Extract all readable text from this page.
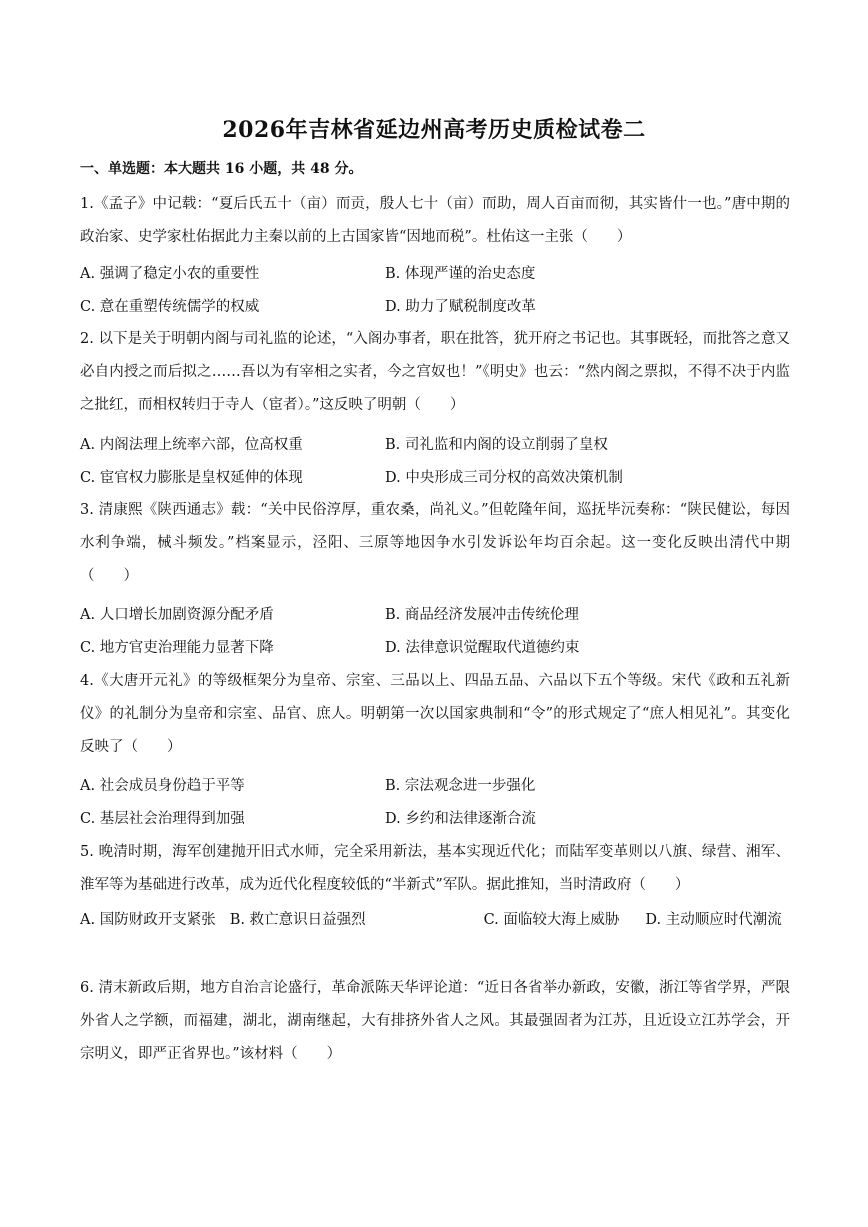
2026年吉林省延边州高考历史质检试卷二
一、单选题：本大题共 16 小题，共 48 分。
1.《孟子》中记载：“夏后氏五十（亩）而贡，殷人七十（亩）而助，周人百亩而彻，其实皆什一也。”唐中期的政治家、史学家杜佑据此力主秦以前的上古国家皆“因地而税”。杜佑这一主张（　　）
A. 强调了稳定小农的重要性	B. 体现严谨的治史态度
C. 意在重塑传统儒学的权威	D. 助力了赋税制度改革
2. 以下是关于明朝内阁与司礼监的论述，“入阁办事者，职在批答，犹开府之书记也。其事既轻，而批答之意又必自内授之而后拟之……吾以为有宰相之实者，今之宫奴也！”《明史》也云：“然内阁之票拟，不得不决于内监之批红，而相权转归于寺人（宦者）。”这反映了明朝（　　）
A. 内阁法理上统率六部，位高权重	B. 司礼监和内阁的设立削弱了皇权
C. 宦官权力膨胀是皇权延伸的体现	D. 中央形成三司分权的高效决策机制
3. 清康熙《陕西通志》载：“关中民俗淳厚，重农桑，尚礼义。”但乾隆年间，巡抚毕沅奏称：“陕民健讼，每因水利争端，械斗频发。”档案显示，泾阳、三原等地因争水引发诉讼年均百余起。这一变化反映出清代中期（　　）
A. 人口增长加剧资源分配矛盾	B. 商品经济发展冲击传统伦理
C. 地方官吏治理能力显著下降	D. 法律意识觉醒取代道德约束
4.《大唐开元礼》的等级框架分为皇帝、宗室、三品以上、四品五品、六品以下五个等级。宋代《政和五礼新仪》的礼制分为皇帝和宗室、品官、庶人。明朝第一次以国家典制和“令”的形式规定了“庶人相见礼”。其变化反映了（　　）
A. 社会成员身份趋于平等	B. 宗法观念进一步强化
C. 基层社会治理得到加强	D. 乡约和法律逐渐合流
5. 晚清时期，海军创建抛开旧式水师，完全采用新法，基本实现近代化；而陆军变革则以八旗、绿营、湘军、淮军等为基础进行改革，成为近代化程度较低的“半新式”军队。据此推知，当时清政府（　　）
A. 国防财政开支紧张 B. 救亡意识日益强烈	C. 面临较大海上威胁 D. 主动顺应时代潮流
6. 清末新政后期，地方自治言论盛行，革命派陈天华评论道：“近日各省举办新政，安徽，浙江等省学界，严限外省人之学额，而福建，湖北，湖南继起，大有排挤外省人之风。其最强固者为江苏，且近设立江苏学会，开宗明义，即严正省界也。”该材料（　　）
